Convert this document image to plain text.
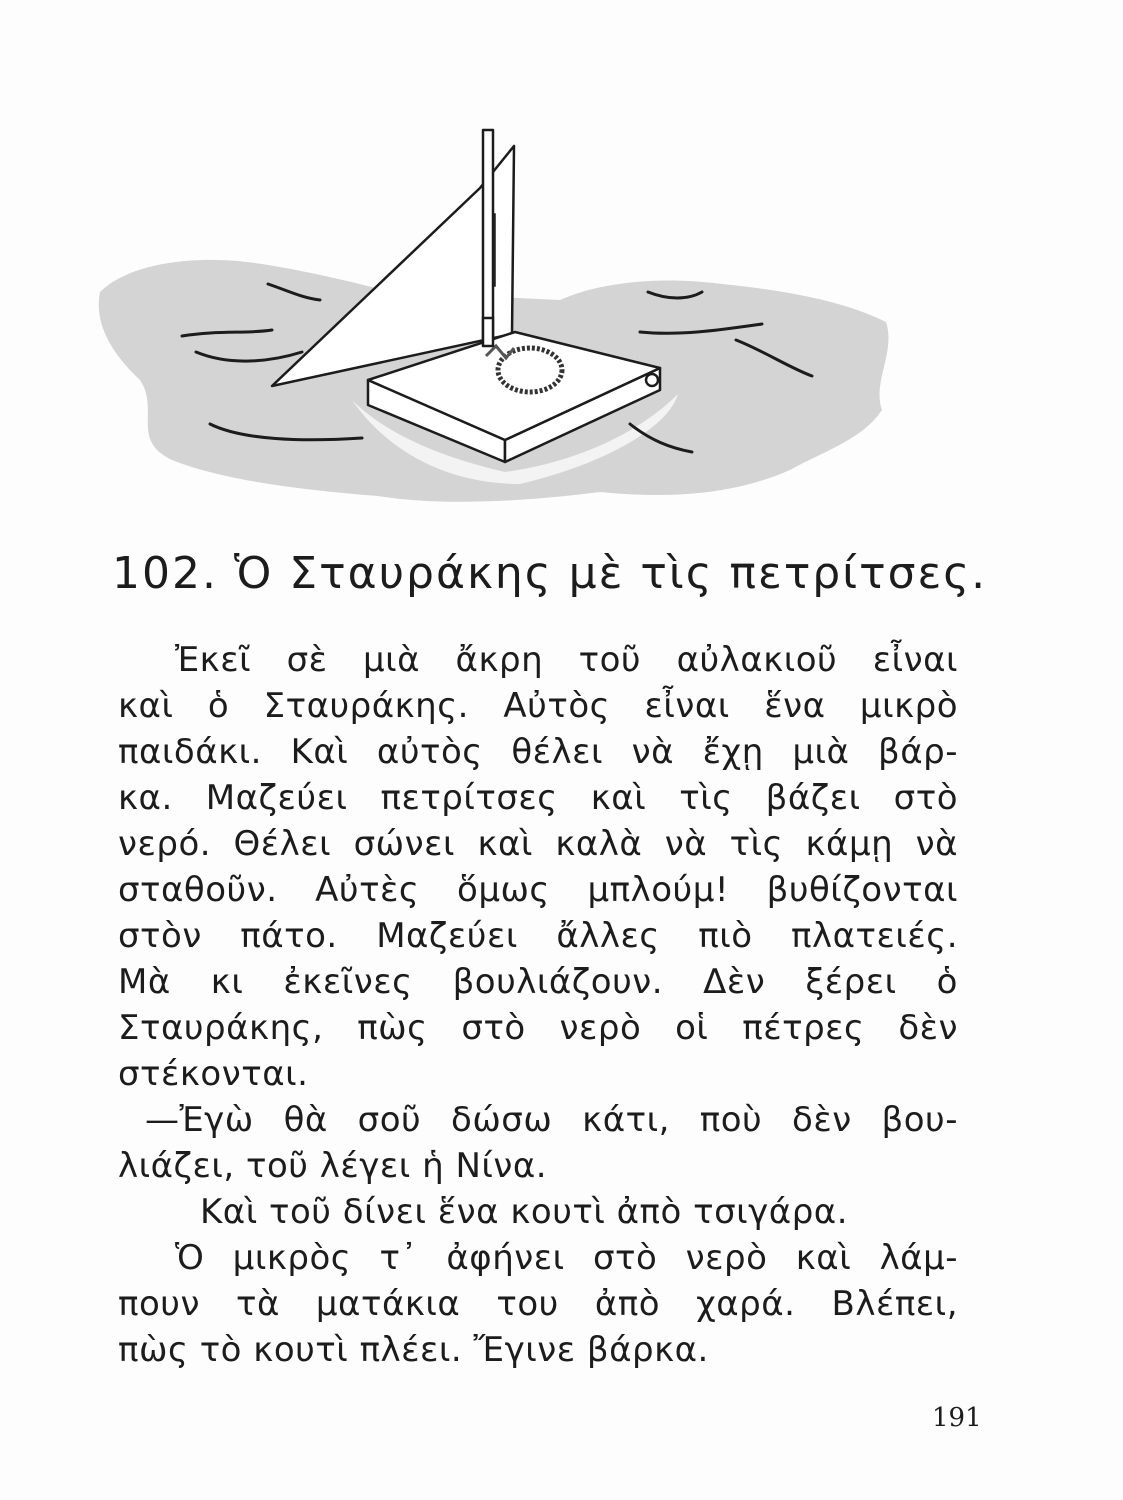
102. Ὁ Σταυράκης μὲ τὶς πετρίτσες.
Ἐκεῖ σὲ μιὰ ἄκρη τοῦ αὐλακιοῦ εἶναι
καὶ ὁ Σταυράκης. Αὐτὸς εἶναι ἕνα μικρὸ
παιδάκι. Καὶ αὐτὸς θέλει νὰ ἔχῃ μιὰ βάρ-
κα. Μαζεύει πετρίτσες καὶ τὶς βάζει στὸ
νερό. Θέλει σώνει καὶ καλὰ νὰ τὶς κάμῃ νὰ
σταθοῦν. Αὐτὲς ὅμως μπλούμ! βυθίζονται
στὸν πάτο. Μαζεύει ἄλλες πιὸ πλατειές.
Μὰ κι ἐκεῖνες βουλιάζουν. Δὲν ξέρει ὁ
Σταυράκης, πὼς στὸ νερὸ οἱ πέτρες δὲν
στέκονται.
—Ἐγὼ θὰ σοῦ δώσω κάτι, ποὺ δὲν βου-
λιάζει, τοῦ λέγει ἡ Νίνα.
Καὶ τοῦ δίνει ἕνα κουτὶ ἀπὸ τσιγάρα.
Ὁ μικρὸς τ᾽ ἀφήνει στὸ νερὸ καὶ λάμ-
πουν τὰ ματάκια του ἀπὸ χαρά. Βλέπει,
πὼς τὸ κουτὶ πλέει. Ἔγινε βάρκα.
191
